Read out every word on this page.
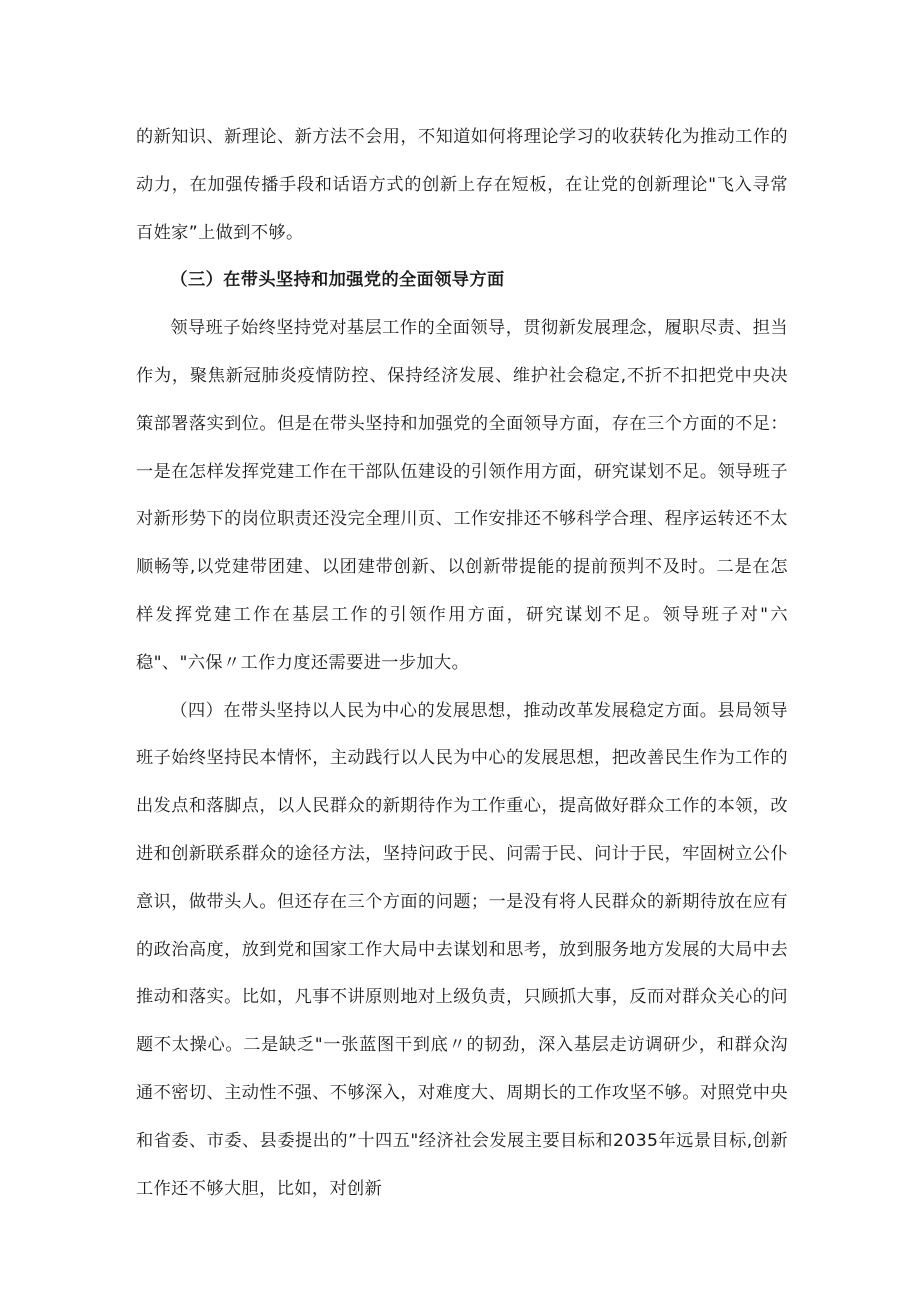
的新知识、新理论、新方法不会用，不知道如何将理论学习的收获转化为推动工作的动力，在加强传播手段和话语方式的创新上存在短板，在让党的创新理论"飞入寻常百姓家”上做到不够。

（三）在带头坚持和加强党的全面领导方面

领导班子始终坚持党对基层工作的全面领导，贯彻新发展理念，履职尽责、担当作为，聚焦新冠肺炎疫情防控、保持经济发展、维护社会稳定,不折不扣把党中央决策部署落实到位。但是在带头坚持和加强党的全面领导方面，存在三个方面的不足：一是在怎样发挥党建工作在干部队伍建设的引领作用方面，研究谋划不足。领导班子对新形势下的岗位职责还没完全理川页、工作安排还不够科学合理、程序运转还不太顺畅等,以党建带团建、以团建带创新、以创新带提能的提前预判不及时。二是在怎样发挥党建工作在基层工作的引领作用方面，研究谋划不足。领导班子对"六稳"、"六保〃工作力度还需要进一步加大。

（四）在带头坚持以人民为中心的发展思想，推动改革发展稳定方面。县局领导班子始终坚持民本情怀，主动践行以人民为中心的发展思想，把改善民生作为工作的出发点和落脚点，以人民群众的新期待作为工作重心，提高做好群众工作的本领，改进和创新联系群众的途径方法，坚持问政于民、问需于民、问计于民，牢固树立公仆意识，做带头人。但还存在三个方面的问题；一是没有将人民群众的新期待放在应有的政治高度，放到党和国家工作大局中去谋划和思考，放到服务地方发展的大局中去推动和落实。比如，凡事不讲原则地对上级负责，只顾抓大事，反而对群众关心的问题不太操心。二是缺乏"一张蓝图干到底〃的韧劲，深入基层走访调研少，和群众沟通不密切、主动性不强、不够深入，对难度大、周期长的工作攻坚不够。对照党中央和省委、市委、县委提出的”十四五"经济社会发展主要目标和2035年远景目标,创新工作还不够大胆，比如，对创新
